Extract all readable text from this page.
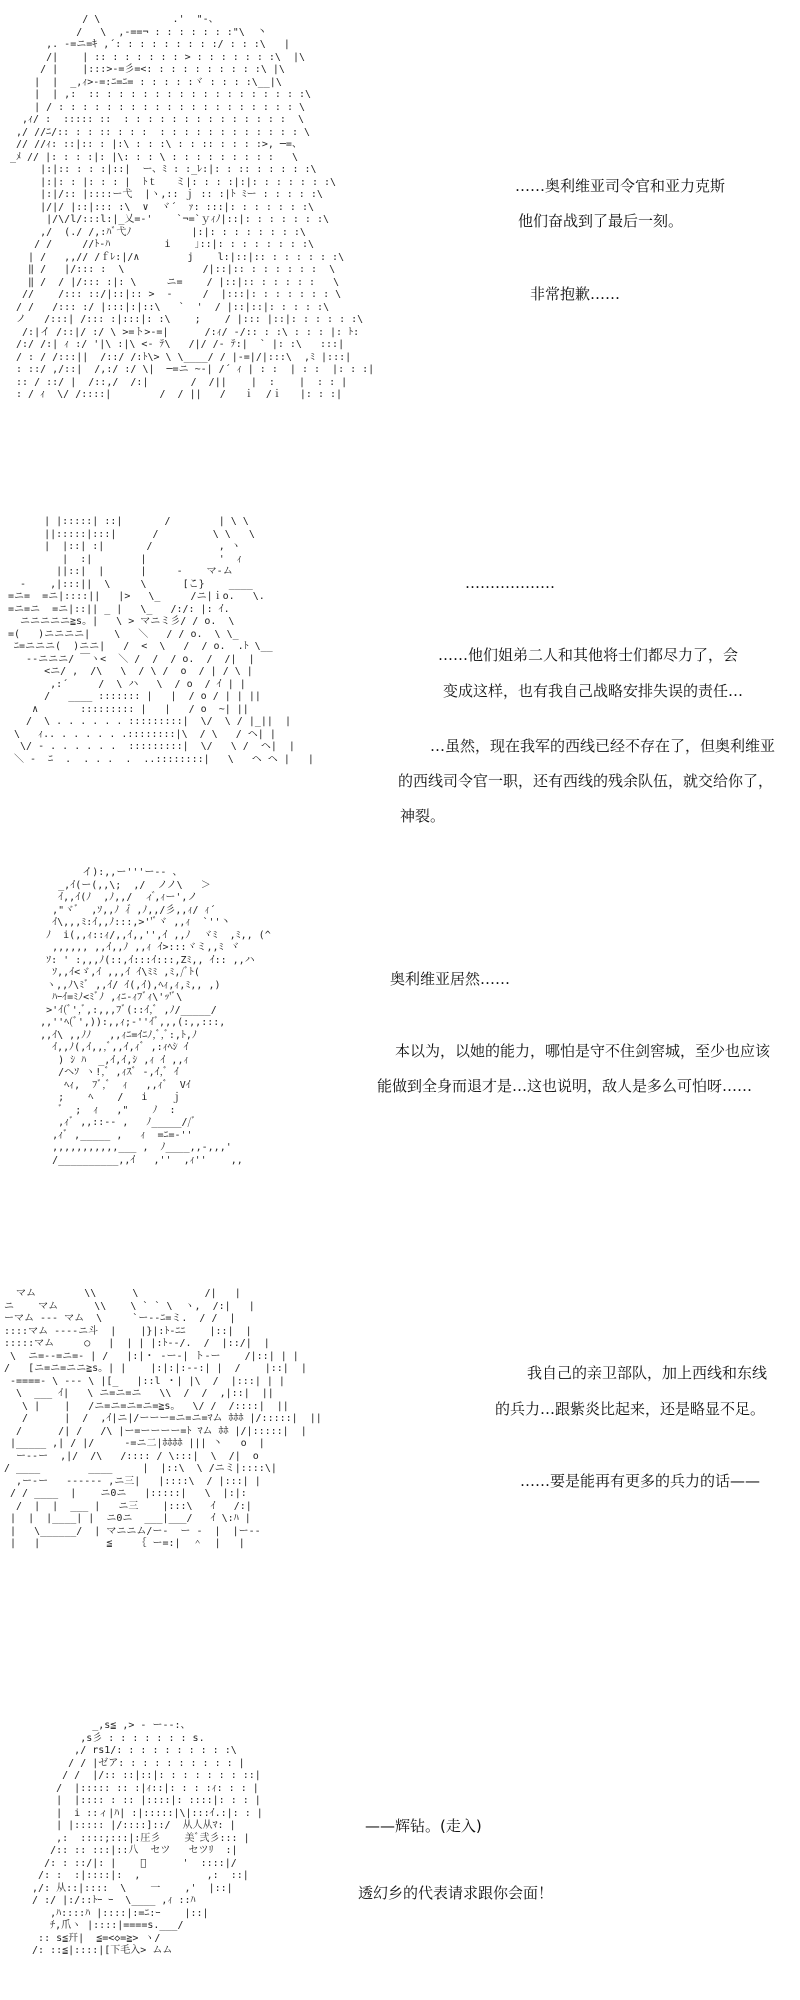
/ \            .'  "-、
/   \  ,-==¬ : : : : : : :"\  丶
,. -=ニ=ｷ ,´: : : : : : : : :/ : : :\   |
/|    | :: : : : : : : > : : : : : : :\  |\
/ |    |:::>-=彡=<: : : : : : : : : :\ |\
|  |  _,ｨ>-=:ﾆ=ﾆ= : : : : :ヾ : : : :\__|\
|  | ,:  :: : : : : : : : : : : : : : : : : :\
| / : : : : : : : : : : : : : : : : : : : : \
,ｨ/ :  ::::: ::  : : : : : : : : : : : : : :  \
,/ //ﾆ/:: : : :: : : :  : : : : : : : : : : : : \
// //ｨ: ::|:: : |:\ : : :\ : : :: : : : :>, ─=、
_ﾒ // |: : : :|: |\: : : \ : : : : : : : : :   \
|:|:: : : :|::|  ー、ﾐ : :_ﾚ:|: : :: : : : : :\
|:|: : |: : : |  ﾄｔ   ミ|: : : :|:|: : : : : : :\
|:|/:: |::::ー弋  |ヽ,:: ｊ :: :|ﾄ ﾐー : : : : :\
|/|/ |::|::: :\  ∨  ヾ´  ｧ: :::|: : : : : : :\
|/\/l/:::l:|_乂=-'    `¬=`ｙｨﾉ|::|: : : : : : :\
,/  (./ /,:ﾊﾞ弋ﾉ          |:|: : : : : : : :\
/ /     //ﾄ-ﾊ         i    ｣::|: : : : : : : :\
| /   ,,// /ｆﾚ:|/∧        j    l:|::|:: : : : : : :\
‖ /   |/::: :  \             /|::|:: : : : : : :  \
‖ /  / |/::: :|: \     ニ=    / |::|:: : : : : :   \
//    /::: ::/|::|:: >  -     /  |:::|: : : : : : : \
/ /   /::: :/ |:::|:|::\   `  '  / |::|::|: : : : :\
ノ   /:::| /::: :|:::|: :\    ;    / |::: |::|: : : : : :\
/:|イ /::|/ :/ \ >=ト>-=|      /:ｨ/ -/:: : :\ : : : |: ﾄ:
/:/ /:| ｨ :/ '|\ :|\ <- ﾃ\   /|/ /- ﾃ:|  ` |: :\   :::|
/ : / /:::||  /::/ /:ﾄ\> \ \____/ / |-=|/|:::\  ,ﾐ |:::|
: ::/ ,/::|  /,:/ :/ \|  ─=ニ ~-| /´ ｨ | : :  | : :  |: : :|
:: / ::/ |  /::,/  /:|       /  /||    |  :    |  : : |
: / ｨ  \/ /::::|        /  / ||   /   ｉ  /ｉ   |: : :|
……奥利维亚司令官和亚力克斯
他们奋战到了最后一刻。
非常抱歉……
| |:::::| ::|       /        | \ \
||:::::|:::|      /         \ \   \
|  |::| :|       /           , ヽ
|  :|        |            '  ｨ
||::|  |      |     -    マ-ム
-    ,|:::||  \     \      [こ}    ____
=ニ=  =ニ|::::||   |>   \_     /ニ|ｉo.   \.
=ニ=ニ  =ニ|::|| _ |   \_   /:/: |: ｲ.
ニニニニニ≧s。|   \ > マニミ彡/ / o.  \
=(   )ニニニニ|    \   ＼   / / o.  \ \_
ﾆ=ニニニ(  )ニニ|   /  <  \   /  / o.  .ﾄ \__
--ニニニ/ ￣ヽ<  ＼ /  /  / o.  /  /|  |
<ニ/ ,  /\   \  / \ /  o  / | / \ |
,:´     /  \ ハ   \  / o  / ｲ | |
/   ____ ::::::: |   |  / o / | | ||
∧       ::::::::: |   |   / o  ~| ||
/  \ . . . . . . :::::::::|  \/  \ / |_||  |
\   ｨ.. . . . . . .::::::::|\  / \   / ヘ| |
\/ - . . . . . .  :::::::::|  \/   \ /  ヘ|  |
＼ -  ﾆ  .  . . .  .  ..::::::::|   \   ヘ ヘ |   |
………………
……他们姐弟二人和其他将士们都尽力了，会
变成这样，也有我自己战略安排失误的责任…
…虽然，现在我军的西线已经不存在了，但奥利维亚
的西线司令官一职，还有西线的残余队伍，就交给你了，
神裂。
イ):,,ー'''ー-- 、
_,ｲ(ー(,,\;  ,/  ノノ\   ＞
ｲ,,ｲ(ﾉ  ,ﾉ,,/  ィ゙,ｨー',ノ
,"ヾﾞ  ,ｿ,,ﾉ ｨ゙ ,ﾉ,,/彡,,ｨ/ ｨ´
ｲ\,,,ﾐ:ｲ,,ﾉ:::,>''ﾞヾ ,,ｨ  `''丶
ﾉ  i(,,ｨ::ｨ/,,ｲ,,'',ｲ ,,ﾉ  ヾﾐ  ,ﾐ,, (^
,,,,,, ,,ｲ,,ﾉ ,,ｨ ｲ>:::ヾミ,,ﾐ ヾ
ｿ: ' :,,,ﾉ(::,ｲ:::ｲ:::,Zﾐ,, ｲ:: ,,ハ
ｿ,,ｲ<ゞ,ｲ ,,,ｲ ｲ\ﾐﾐ ,ﾐ,/ﾞﾄ(
ヽ,,ﾉ\ﾐﾞ ,,ｲ/ ｲ(,ｲ),ﾍｨ,ｨ,ﾐ,, ,)
ﾊｰｲ=ﾐﾉ<ﾐﾞﾉ ,ｨﾆ-ｨﾌﾞｨ\'ｯ'ﾞ\
>'ｲ(ﾞ',ﾞ,:,,,ﾌﾞ(::ｲ,ﾞ ,ﾉ/_____/
,,''ﾍ(ﾞ',)):,,ｨ;-''ｲﾞ,,,(:,,:::,
,,ｲ\ ,,ﾉﾉ   ,,ｨﾆ=ｲﾆﾉ,ﾞ,ﾞ:,ﾄ,ﾉ
ｲ,,ﾉ(,ｲ,,,ﾞ,,ｲ,ｨﾞ ,:ｨﾍｼ ｲ
) ｼ ﾊ  _,ｲ,ｲ,ｼ ,ｨ ｲ ,,ｨ
/ヘｿ ヽ!,ﾞ ,ｨｽﾞ -,ｲ,ﾞ ｲ
ﾍｨ,  ﾌﾞ,ﾞ  ｨ   ,,ｨﾞ  Vｲ
;    ﾍ    /   i    ｊ
ﾞ  ;  ｨ   ,"    ﾉ  :
,ｨﾞ ,,::-- ,   ﾉ_____//ﾞ
,ｨﾞ ,_____ ,   ｨ  =ﾆ=-''
,,,,,,,,,,,___ ,  ﾉ____,,-,,,'
/__________,,ｲ   ,''  ,ｨ''    ,,
奥利维亚居然……
本以为，以她的能力，哪怕是守不住剑窖城，至少也应该
能做到全身而退才是…这也说明，敌人是多么可怕呀……
マム        \\      \           /|   |
ニ    マム      \\    \ ` ` \  ヽ,  /:|   |
ーマム --- マム  \     `ー--ﾆ=ミ.  / /  |
::::マム ----ニ斗  |    |}|:ﾄ-ﾆﾆ    |::|  |
:::::マム     ○   |  | | |:ﾄ--/.  /  |::/|  |
\  ニ=--=ニ=- | /   |:|・ -ー-| ト-ー    /|::| | |
/   [ニ=ニ=ニニ≧s。| |    |:|:|:--:| |  /    |::|  |
-====- \ --- \ |[_   |::l ・| |\  /  |:::| | |
\  ___ ｲ|   \ ニ=ニ=ニ   \\  /  /  ,|::|  ||
\ |    |   /ニ=ニ=ニ=ニ=≧s。  \/ /  /::::|  ||
/      |  /  ,ｲ|ニ|/ーーー=ニ=ニ=ﾏム ﾎﾎﾎ |/:::::|  ||
/      /| /   /\ |ー=ーーーー=ﾄ ﾏム ﾎﾎ |/|:::::|  |
|_____ ,| / |/     -=ニ二|ﾎﾎﾎﾎ ||| 丶   o  |
ー--ー  ,|/  /\   /:::: / \:::|  \  /|  o
/ ____        ____     |  |::\  \ /ニミ|::::\|
,ー-ー   ------ ,ニ三|   |::::\  / |:::| |
/ / ____  |    ニ0ニ   |:::::|   \  |:|:
/  |  |  ___ |   ニ三    |:::\   ｲ   /:|
|  |  |____| |  ニ0ニ  ___|___/   ｲ \:ﾊ |
|   \______/  | マニニム/ー-  ー -  |  |ー--
|   |           ≦    ｛ ー=:|  ＾  |   |
我自己的亲卫部队，加上西线和东线
的兵力…跟紫炎比起来，还是略显不足。
……要是能再有更多的兵力的话——
_,s≦ ,> - ー--:、
,s彡 : : : : : : : s.
,/ rs1/: : : : : : : : : :\
/ / |ゼア: : : : : : : : : : |
/ /  |/:: ::|::|: : : : : : : ::|
/  |::::: :: :|ｨ::|: : : :ｨ: : : |
|  |:::: : :: |::::|: ::::|: : : |
|  i ::ィ|ﾊ| :|:::::|\|:::ｲ.:|: : |
| |::::: |/::::]::/  从人从ﾏ: |
,:  ::::;:::|:圧彡    美ﾞ弐彡::: |
/:: :: :::|::八  セツ   セツﾘ  :|
/: : ::/|: |    ﾞ      '  ::::|/
/: :  :|::::|:  ,           ,:  ::|
,/: 从::|::::  \    一    ,'  |::|
/ :/ |:/::ﾄｰ ｰ  \____ ,ｨ ::ﾊ
,ﾊ::::ﾊ |::::|:=ﾆ:ｰ    |::|
ﾁ,爪ヽ |::::|====s.___/
:: s≦幵|  ≦=<◇=≧> ヽ/
/: ::≦|::::|[下毛入> ムム
——辉钻。(走入)
透幻乡的代表请求跟你会面！
